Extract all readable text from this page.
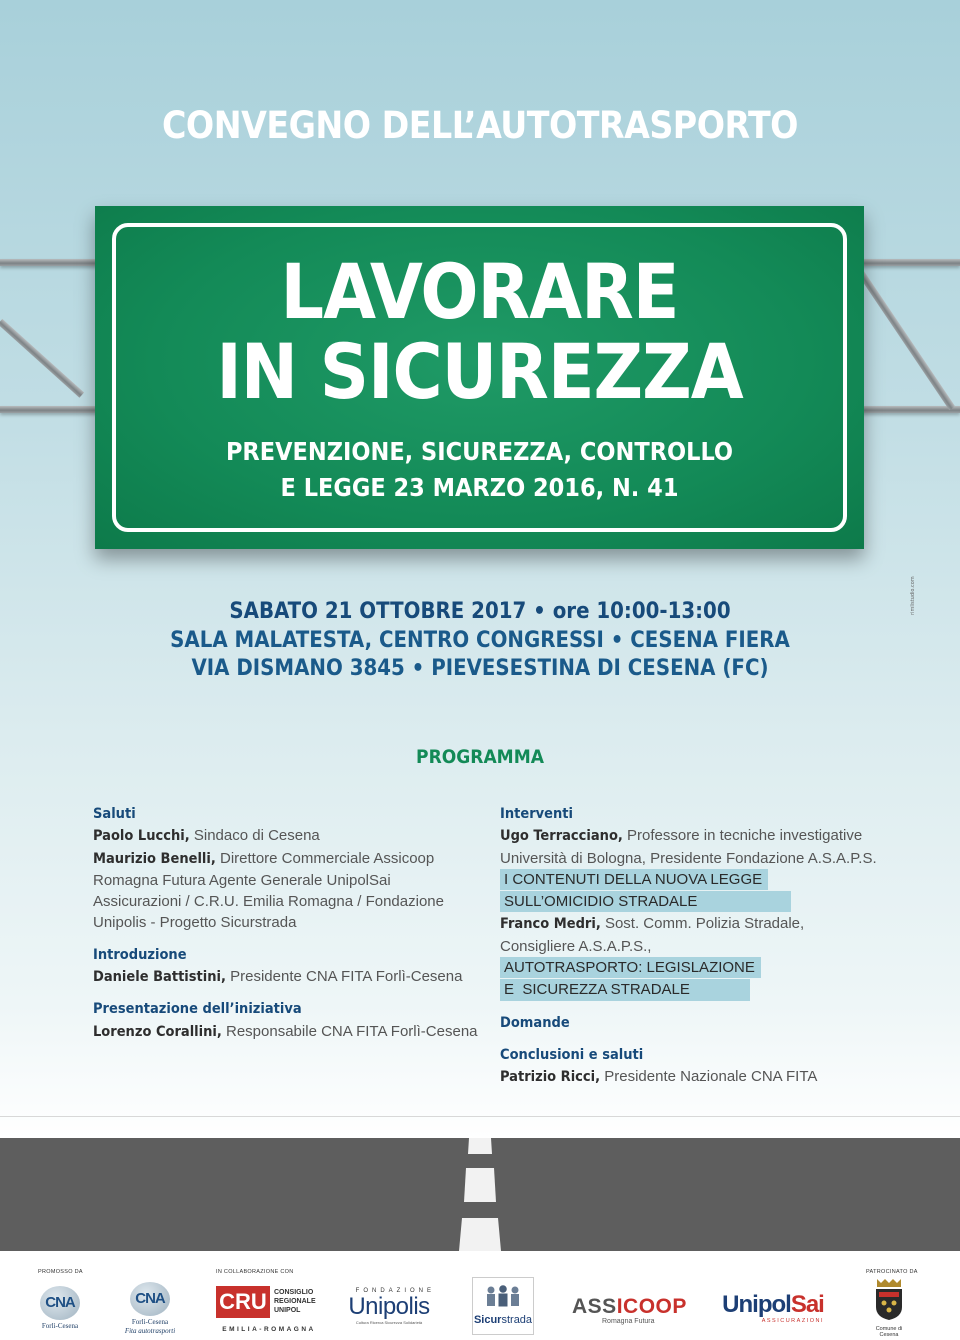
CONVEGNO DELL’AUTOTRASPORTO
LAVORARE
IN SICUREZZA
PREVENZIONE, SICUREZZA, CONTROLLO
E LEGGE 23 MARZO 2016, N. 41
SABATO 21 OTTOBRE 2017 • ore 10:00-13:00
SALA MALATESTA, CENTRO CONGRESSI • CESENA FIERA
VIA DISMANO 3845 • PIEVESESTINA DI CESENA (FC)
rimlistudio.com
PROGRAMMA
Saluti
Paolo Lucchi, Sindaco di Cesena
Maurizio Benelli, Direttore Commerciale Assicoop
Romagna Futura Agente Generale UnipolSai
Assicurazioni / C.R.U. Emilia Romagna / Fondazione
Unipolis - Progetto Sicurstrada
Introduzione
Daniele Battistini, Presidente CNA FITA Forlì-Cesena
Presentazione dell’iniziativa
Lorenzo Corallini, Responsabile CNA FITA Forlì-Cesena
Interventi
Ugo Terracciano, Professore in tecniche investigative
Università di Bologna, Presidente Fondazione A.S.A.P.S.
I CONTENUTI DELLA NUOVA LEGGE
SULL’OMICIDIO STRADALE
Franco Medri, Sost. Comm. Polizia Stradale,
Consigliere A.S.A.P.S.,
AUTOTRASPORTO: LEGISLAZIONE
E  SICUREZZA STRADALE
Domande
Conclusioni e saluti
Patrizio Ricci, Presidente Nazionale CNA FITA
PROMOSSO DA	IN COLLABORAZIONE CON	PATROCINATO DA
CNA
Forlì-Cesena
CNA
Forlì-Cesena
Fita autotrasporti
CRU	CONSIGLIO
REGIONALE
UNIPOL
EMILIA-ROMAGNA
FONDAZIONE
Unipolis
Cultura Ricerca Sicurezza Solidarietà	Sicurstrada
ASSICOOP
Romagna Futura
UnipolSai
ASSICURAZIONI
Comune di Cesena
